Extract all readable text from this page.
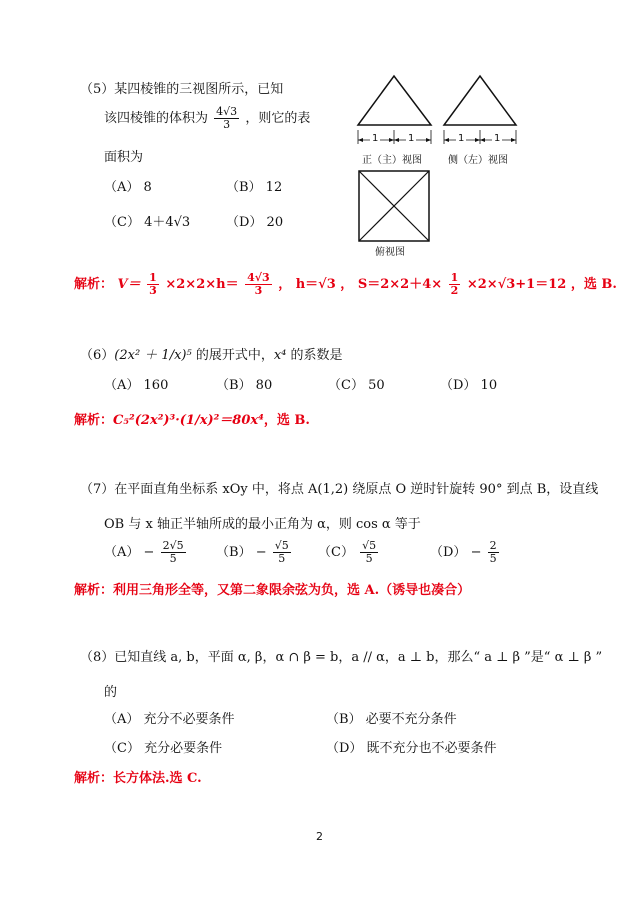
（5）某四棱锥的三视图所示，已知
该四棱锥的体积为 $\frac{4√3}{3}$ ，则它的表
面积为
（A） 8	（B） 12
（C） 4＋4√3	（D） 20
1	1	1	1
正（主）视图	侧（左）视图
俯视图
解析： $V= \frac{1}{3} \times 2\times 2\times h= \frac{4√3}{3}$ ， h＝√3 ， $S=2\times 2+4\times \frac{1}{2} \times 2\times√3+1=12$ ，选 B.
（6）(2x² ＋ 1/x)⁵ 的展开式中，x⁴ 的系数是
（A） 160	（B） 80	（C） 50	（D） 10
解析：C₅²(2x²)³·(1/x)²＝80x⁴，选 B.
（7）在平面直角坐标系 xOy 中，将点 A(1,2) 绕原点 O 逆时针旋转 90° 到点 B，设直线
OB 与 x 轴正半轴所成的最小正角为 α，则 cos α 等于
$(A) - \frac{2√5}{5} (B) - \frac{√5}{5} (C) \frac{√5}{5}$	$(D) - \frac{2}{5}$
解析：利用三角形全等，又第二象限余弦为负，选 A.（诱导也凑合）
（8）已知直线 a, b，平面 α, β，α ∩ β = b，a // α，a ⊥ b，那么“ a ⊥ β ”是“ α ⊥ β ”
的
（A） 充分不必要条件	（B） 必要不充分条件
（C） 充分必要条件	（D） 既不充分也不必要条件
解析：长方体法.选 C.
2
